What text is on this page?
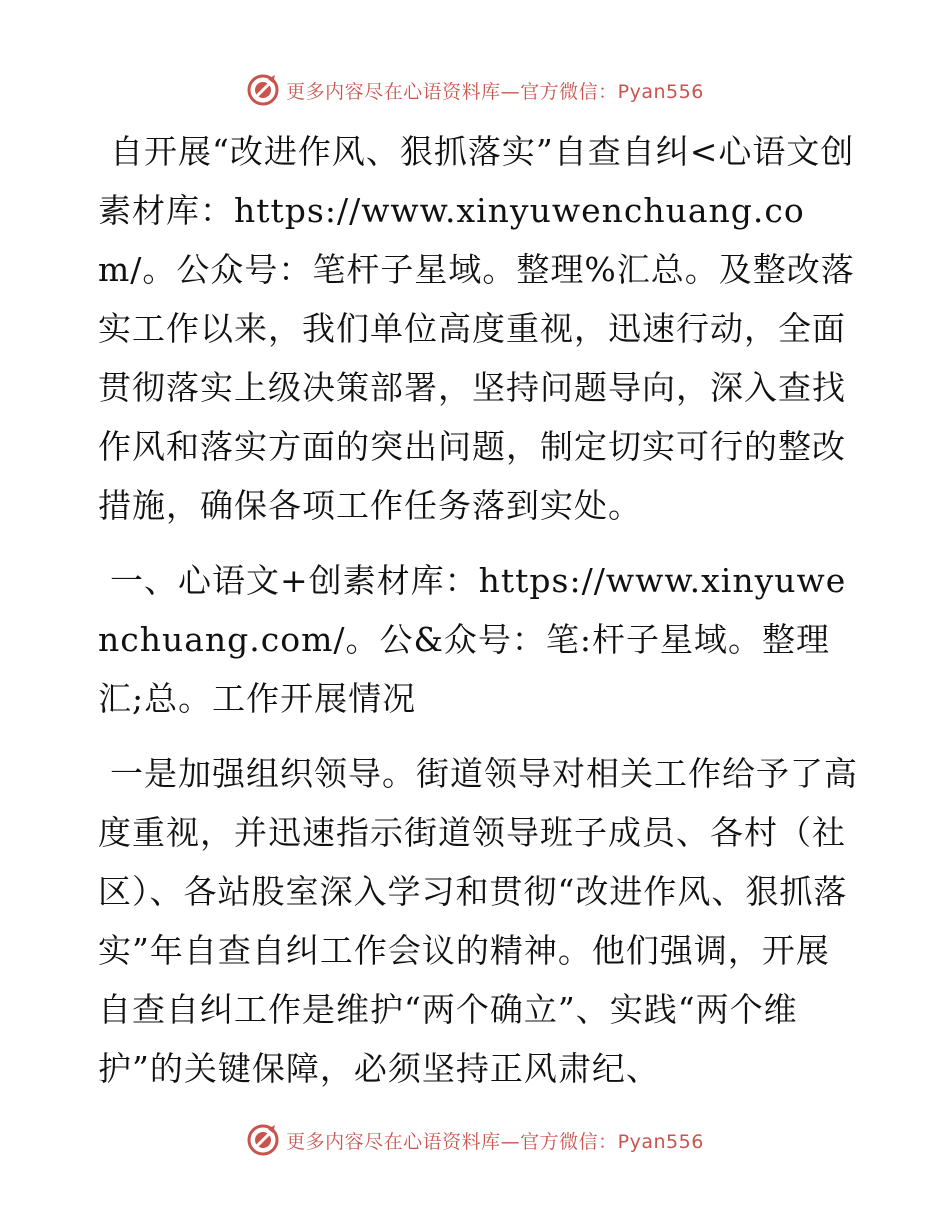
更多内容尽在心语资料库—官方微信：Pyan556

自开展“改进作风、狠抓落实”自查自纠<心语文创素材库：https://www.xinyuwenchuang.com/。公众号：笔杆子星域。整理%汇总。及整改落实工作以来，我们单位高度重视，迅速行动，全面贯彻落实上级决策部署，坚持问题导向，深入查找作风和落实方面的突出问题，制定切实可行的整改措施，确保各项工作任务落到实处。

一、心语文+创素材库：https://www.xinyuwenchuang.com/。公&众号：笔:杆子星域。整理汇;总。工作开展情况

一是加强组织领导。街道领导对相关工作给予了高度重视，并迅速指示街道领导班子成员、各村（社区）、各站股室深入学习和贯彻“改进作风、狠抓落实”年自查自纠工作会议的精神。他们强调，开展自查自纠工作是维护“两个确立”、实践“两个维护”的关键保障，必须坚持正风肃纪、

更多内容尽在心语资料库—官方微信：Pyan556
